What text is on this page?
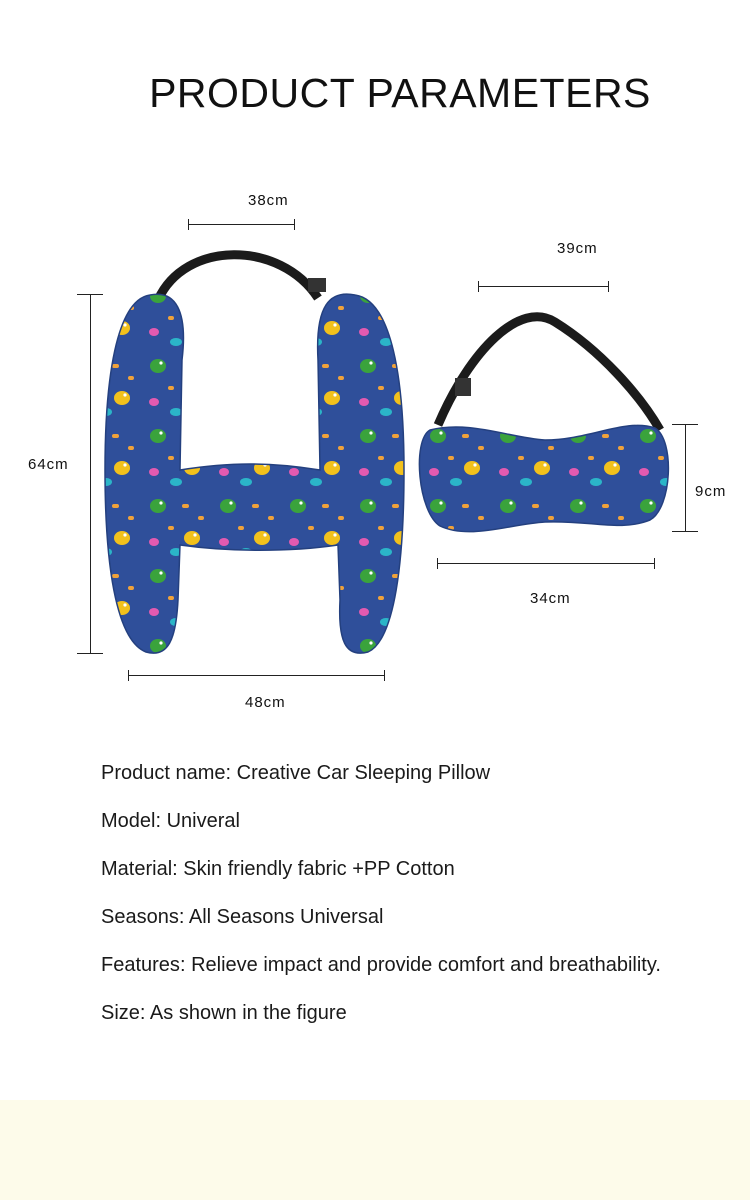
PRODUCT PARAMETERS
38cm
64cm
48cm
39cm
9cm
34cm
Product name: Creative Car Sleeping Pillow
Model: Univeral
Material: Skin friendly fabric +PP Cotton
Seasons: All Seasons Universal
Features: Relieve impact and provide comfort and breathability.
Size: As shown in the figure
